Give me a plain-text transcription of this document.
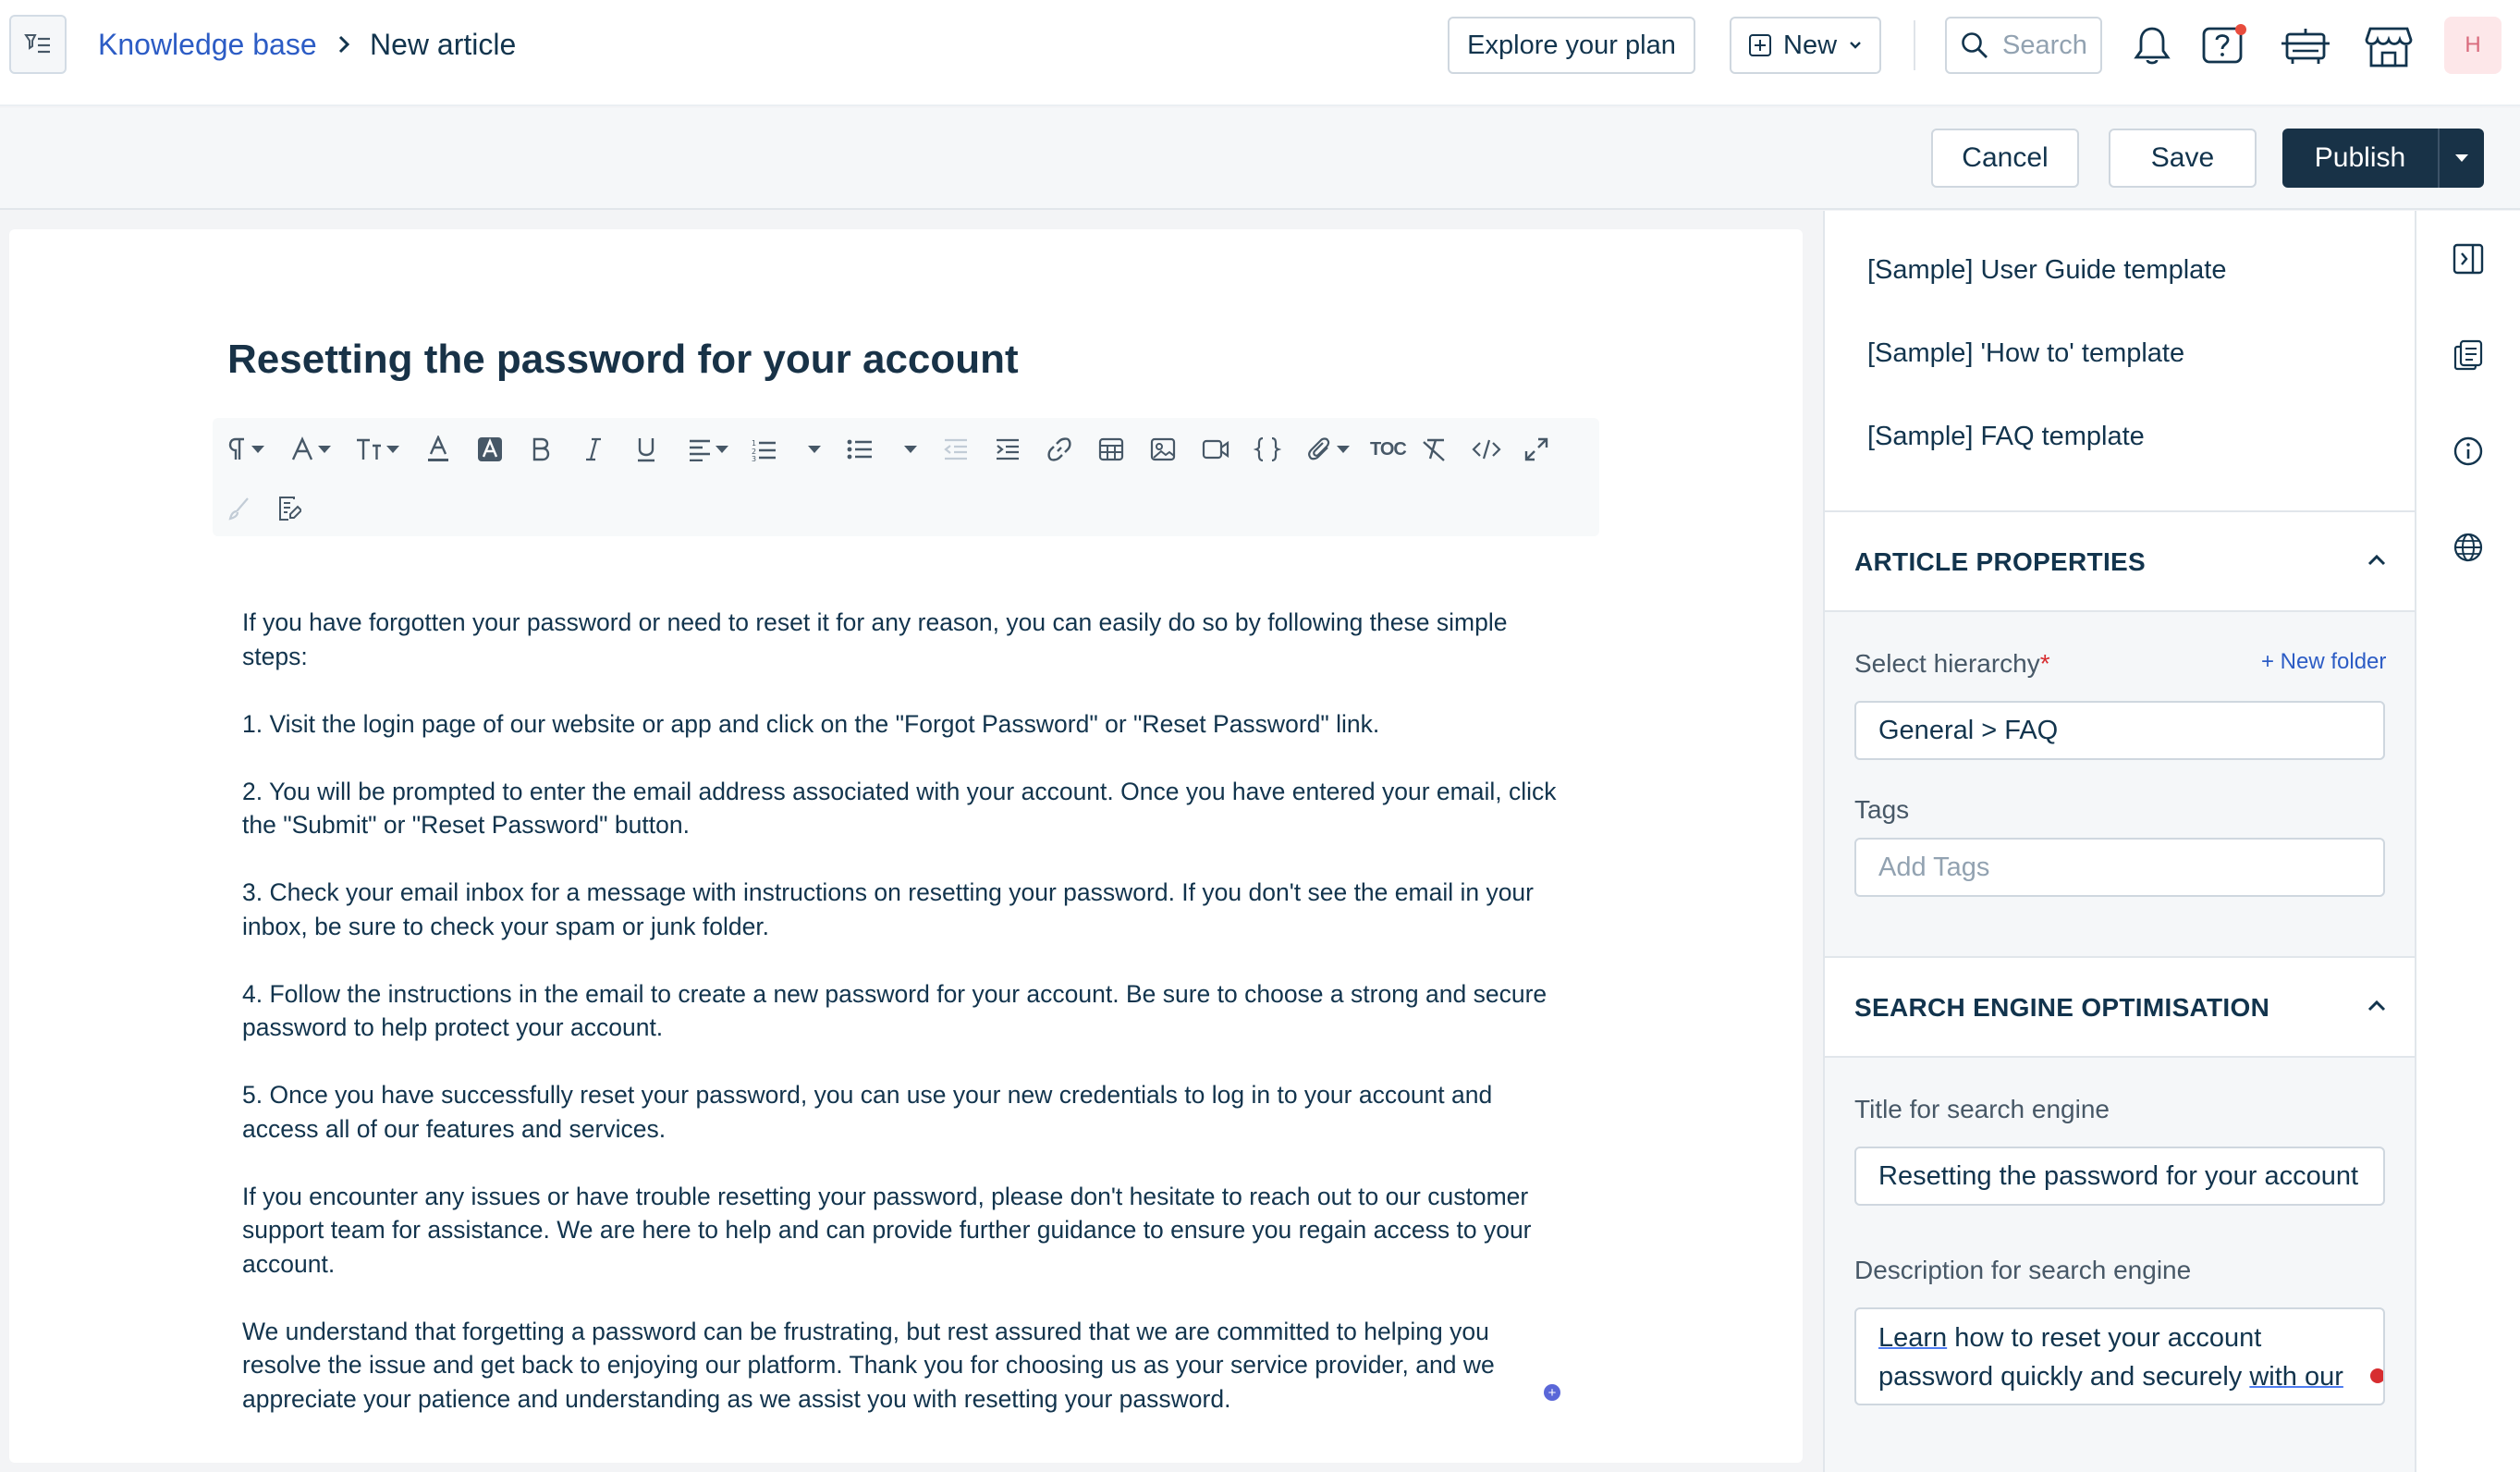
Knowledge base New article	Explore your plan	New	Search	H
Cancel	Save	Publish
Resetting the password for your account
1
2
3	TOC

If you have forgotten your password or need to reset it for any reason, you can easily do so by following these simple steps:

1. Visit the login page of our website or app and click on the "Forgot Password" or "Reset Password" link.

2. You will be prompted to enter the email address associated with your account. Once you have entered your email, click the "Submit" or "Reset Password" button.

3. Check your email inbox for a message with instructions on resetting your password. If you don't see the email in your inbox, be sure to check your spam or junk folder.

4. Follow the instructions in the email to create a new password for your account. Be sure to choose a strong and secure password to help protect your account.

5. Once you have successfully reset your password, you can use your new credentials to log in to your account and access all of our features and services.

If you encounter any issues or have trouble resetting your password, please don't hesitate to reach out to our customer support team for assistance. We are here to help and can provide further guidance to ensure you regain access to your account.

We understand that forgetting a password can be frustrating, but rest assured that we are committed to helping you resolve the issue and get back to enjoying our platform. Thank you for choosing us as your service provider, and we appreciate your patience and understanding as we assist you with resetting your password.	+
[Sample] User Guide template
[Sample] 'How to' template
[Sample] FAQ template
ARTICLE PROPERTIES
Select hierarchy*	+ New folder
General > FAQ
Tags
Add Tags
SEARCH ENGINE OPTIMISATION
Title for search engine
Resetting the password for your account
Description for search engine
Learn how to reset your account
password quickly and securely with our
